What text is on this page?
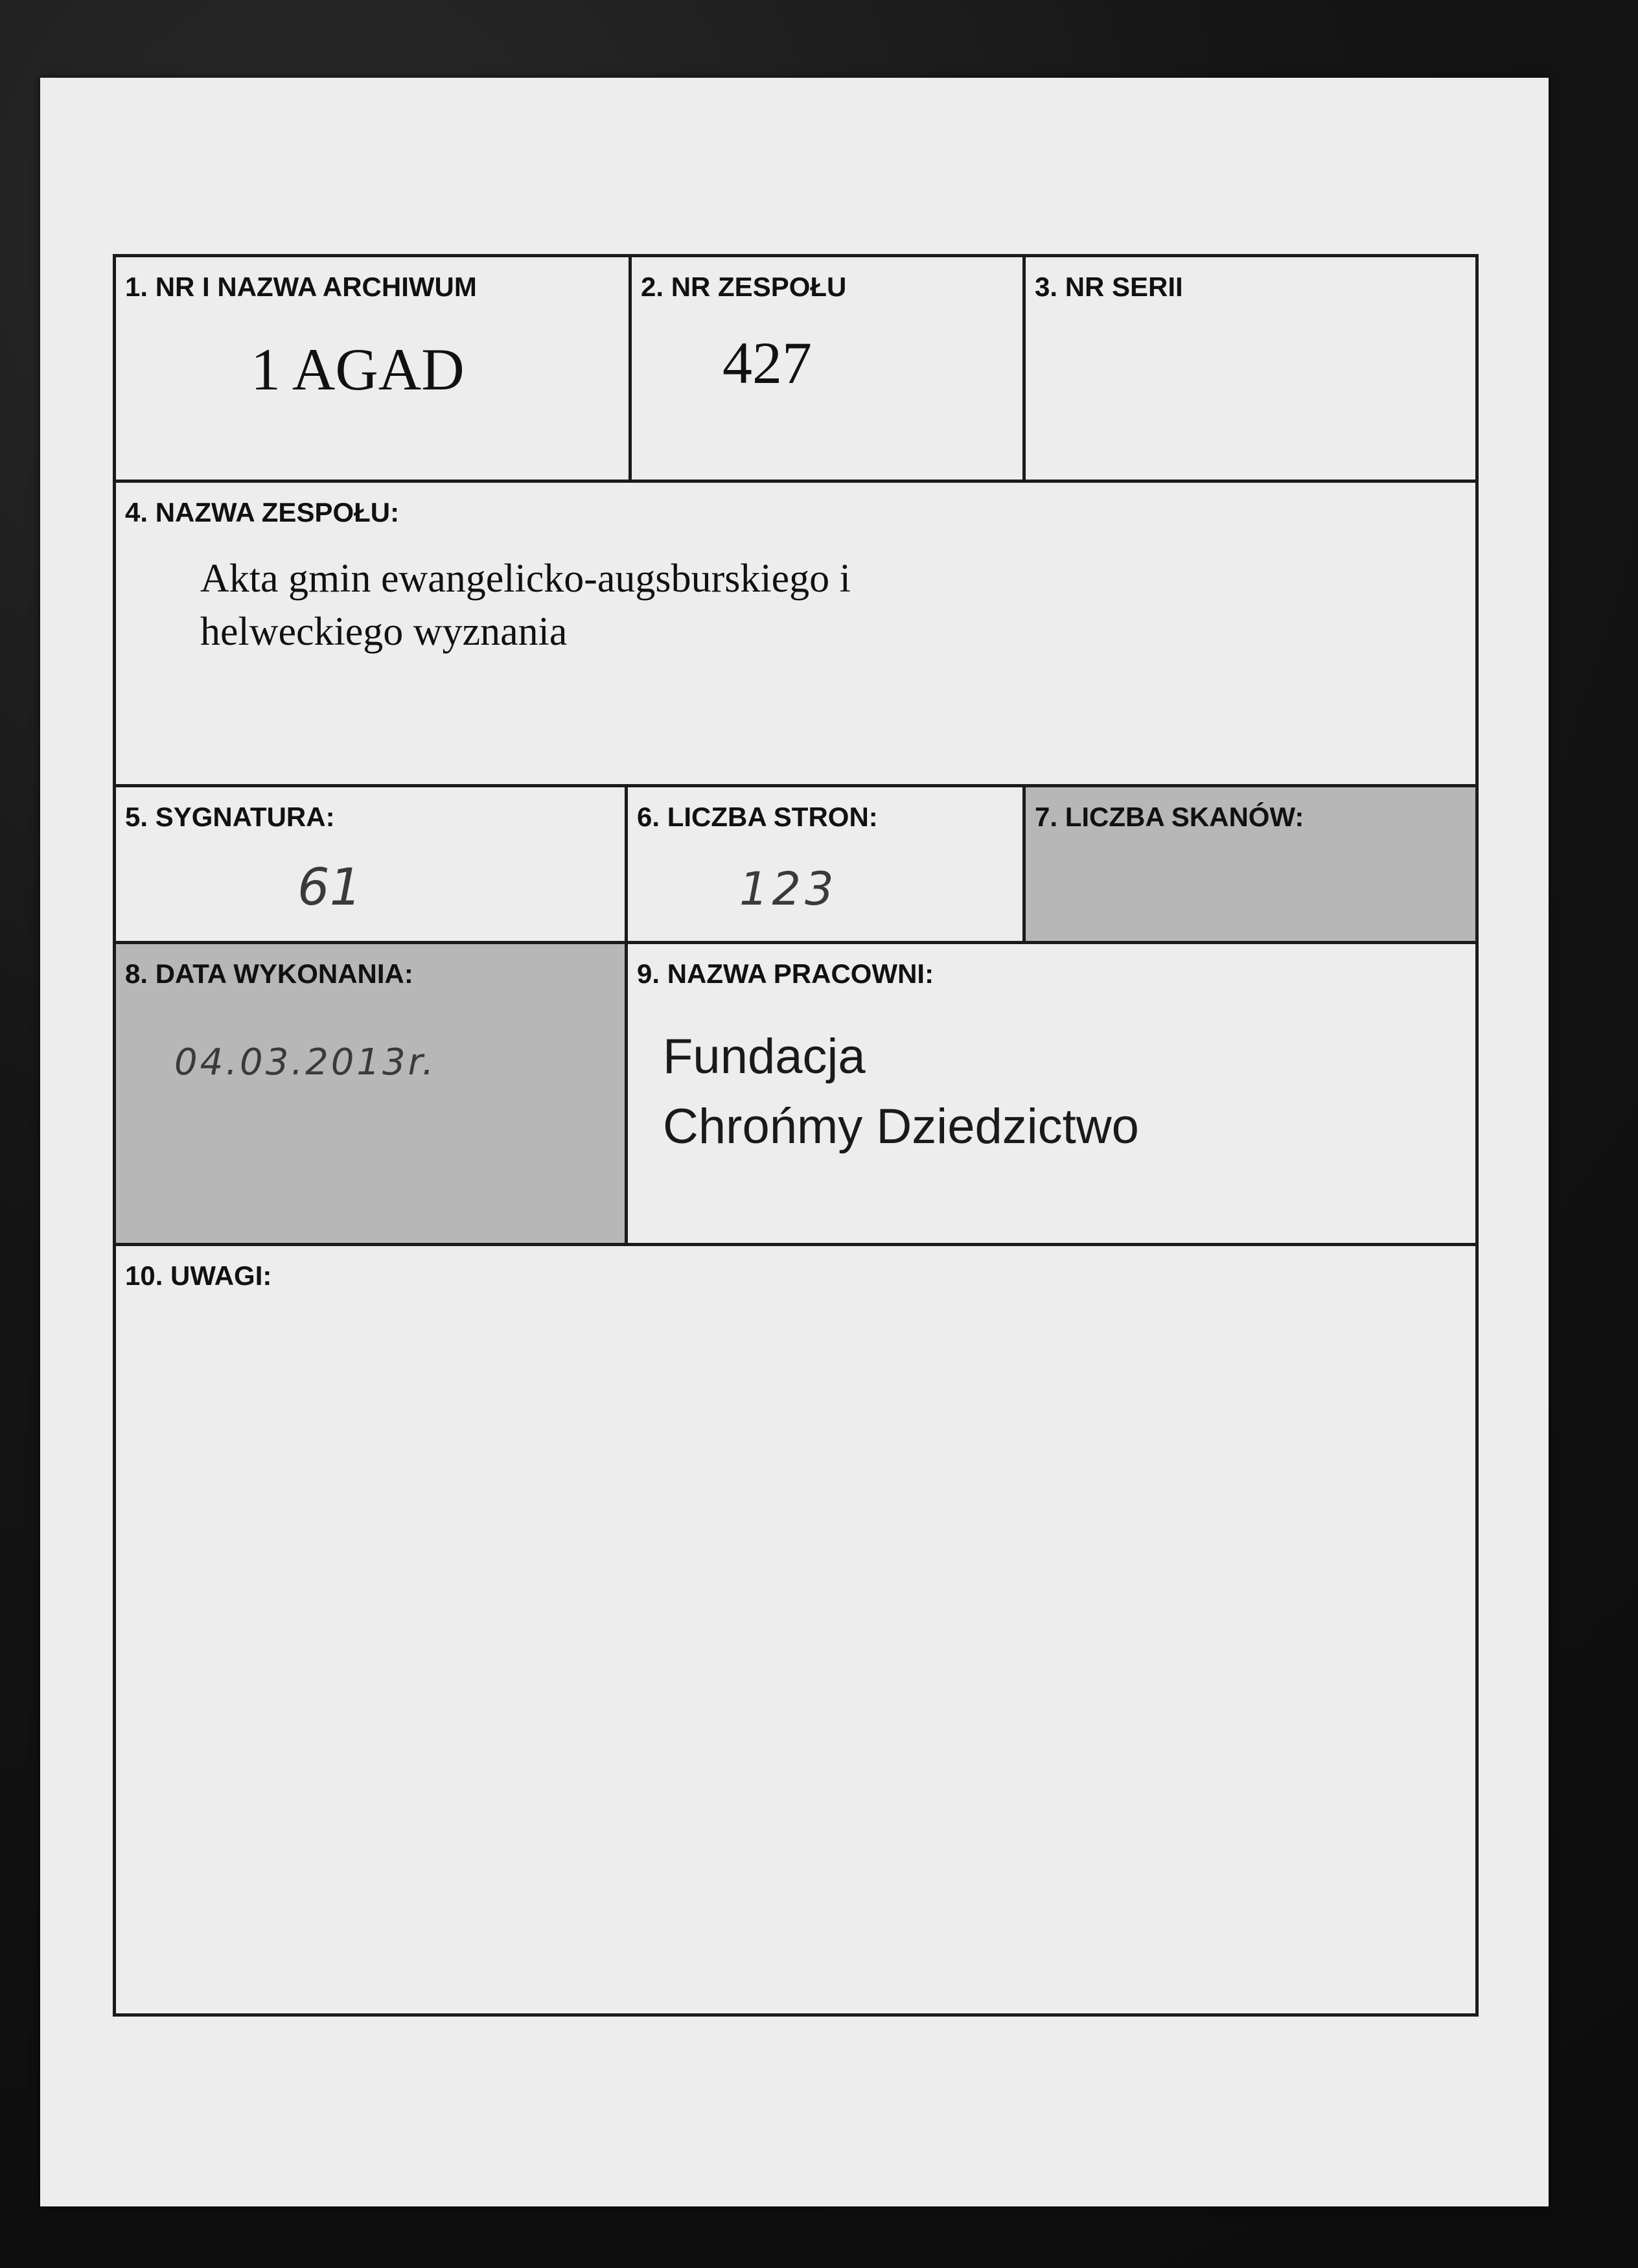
1. NR I NAZWA ARCHIWUM
1 AGAD
2. NR ZESPOŁU
427
3. NR SERII
4. NAZWA ZESPOŁU:
Akta gmin ewangelicko-augsburskiego i
helweckiego wyznania
5. SYGNATURA:
61
6. LICZBA STRON:
123
7. LICZBA SKANÓW:
8. DATA WYKONANIA:
04.03.2013r.
9. NAZWA PRACOWNI:
Fundacja
Chrońmy Dziedzictwo
10. UWAGI:
